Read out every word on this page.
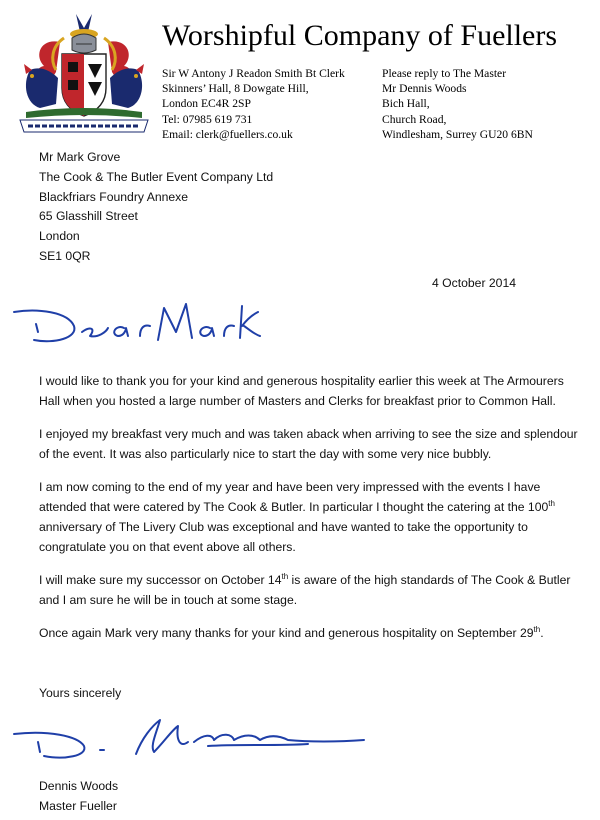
Worshipful Company of Fuellers
Sir W Antony J Readon Smith Bt Clerk
Skinners’ Hall, 8 Dowgate Hill,
London EC4R 2SP
Tel: 07985 619 731
Email: clerk@fuellers.co.uk
Please reply to The Master
Mr Dennis Woods
Bich Hall,
Church Road,
Windlesham, Surrey GU20 6BN
Mr Mark Grove
The Cook & The Butler Event Company Ltd
Blackfriars Foundry Annexe
65 Glasshill Street
London
SE1 0QR
4 October 2014

I would like to thank you for your kind and generous hospitality earlier this week at The Armourers Hall when you hosted a large number of Masters and Clerks for breakfast prior to Common Hall.

I enjoyed my breakfast very much and was taken aback when arriving to see the size and splendour of the event. It was also particularly nice to start the day with some very nice bubbly.

I am now coming to the end of my year and have been very impressed with the events I have attended that were catered by The Cook & Butler. In particular I thought the catering at the 100th anniversary of The Livery Club was exceptional and have wanted to take the opportunity to congratulate you on that event above all others.

I will make sure my successor on October 14th is aware of the high standards of The Cook & Butler and I am sure he will be in touch at some stage.

Once again Mark very many thanks for your kind and generous hospitality on September 29th.

Yours sincerely
Dennis Woods
Master Fueller
